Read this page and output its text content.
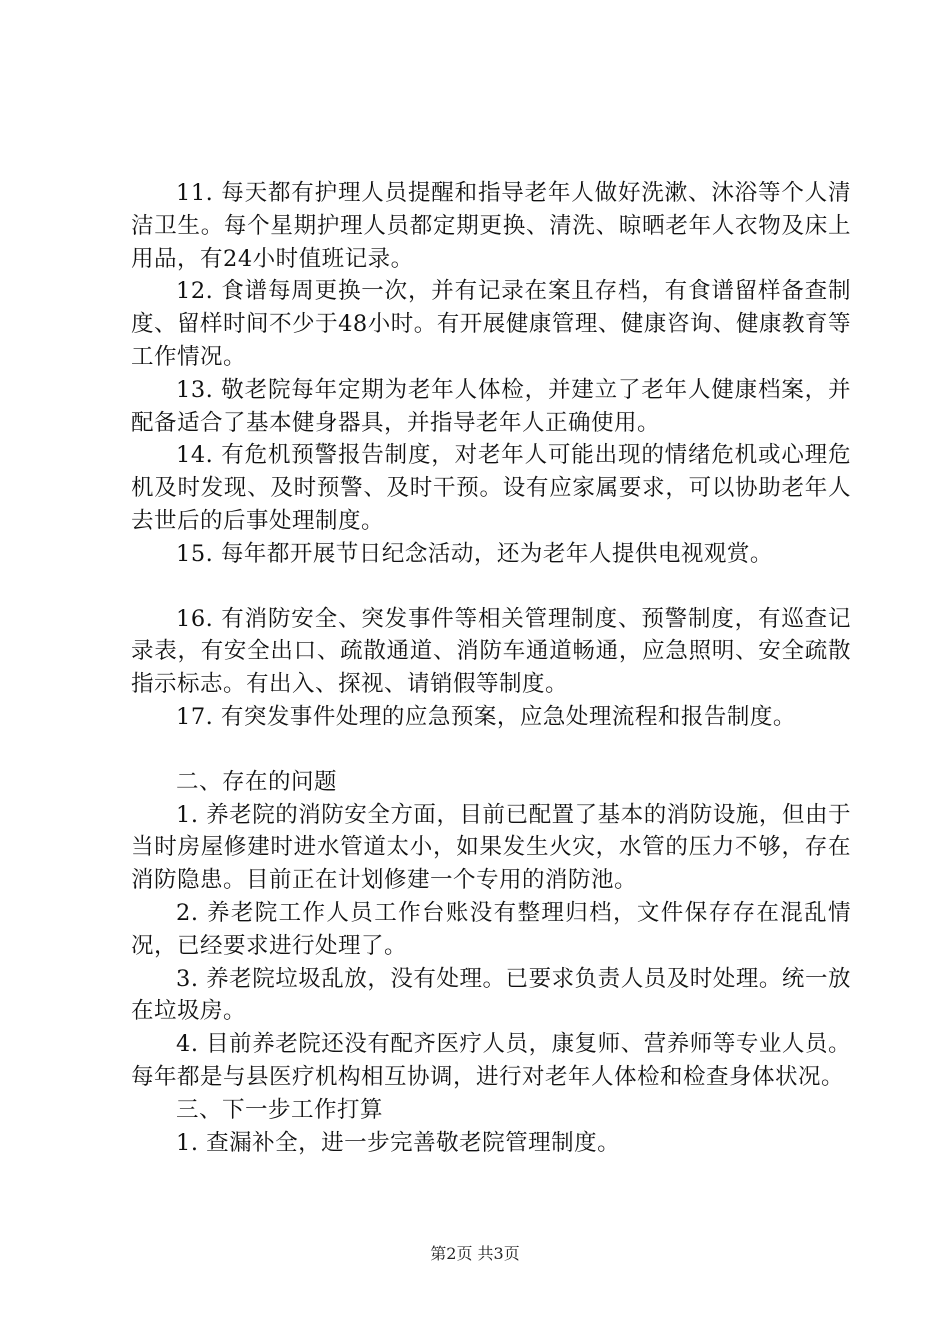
11. 每天都有护理人员提醒和指导老年人做好洗漱、沐浴等个人清洁卫生。每个星期护理人员都定期更换、清洗、晾晒老年人衣物及床上用品，有24小时值班记录。

12. 食谱每周更换一次，并有记录在案且存档，有食谱留样备查制度、留样时间不少于48小时。有开展健康管理、健康咨询、健康教育等工作情况。

13. 敬老院每年定期为老年人体检，并建立了老年人健康档案，并配备适合了基本健身器具，并指导老年人正确使用。

14. 有危机预警报告制度，对老年人可能出现的情绪危机或心理危机及时发现、及时预警、及时干预。设有应家属要求，可以协助老年人去世后的后事处理制度。

15. 每年都开展节日纪念活动，还为老年人提供电视观赏。

16. 有消防安全、突发事件等相关管理制度、预警制度，有巡查记录表，有安全出口、疏散通道、消防车通道畅通，应急照明、安全疏散指示标志。有出入、探视、请销假等制度。

17. 有突发事件处理的应急预案，应急处理流程和报告制度。

二、存在的问题

1. 养老院的消防安全方面，目前已配置了基本的消防设施，但由于当时房屋修建时进水管道太小，如果发生火灾，水管的压力不够，存在消防隐患。目前正在计划修建一个专用的消防池。

2. 养老院工作人员工作台账没有整理归档，文件保存存在混乱情况，已经要求进行处理了。

3. 养老院垃圾乱放，没有处理。已要求负责人员及时处理。统一放在垃圾房。

4. 目前养老院还没有配齐医疗人员，康复师、营养师等专业人员。每年都是与县医疗机构相互协调，进行对老年人体检和检查身体状况。

三、下一步工作打算

1. 查漏补全，进一步完善敬老院管理制度。

第2页 共3页
